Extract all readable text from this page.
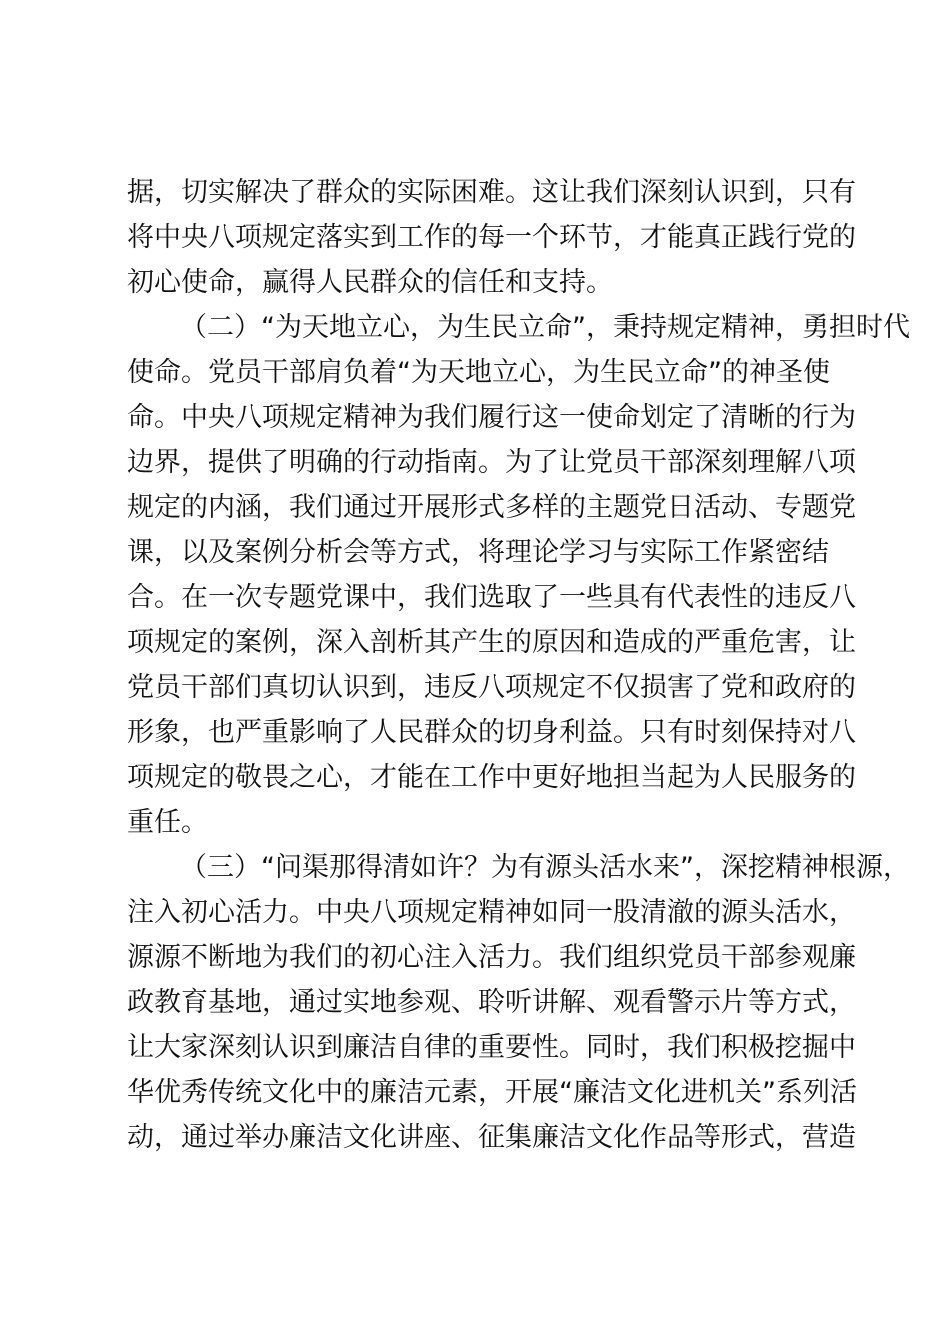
据，切实解决了群众的实际困难。这让我们深刻认识到，只有
将中央八项规定落实到工作的每一个环节，才能真正践行党的
初心使命，赢得人民群众的信任和支持。
（二）“为天地立心，为生民立命”，秉持规定精神，勇担时代
使命。党员干部肩负着“为天地立心，为生民立命”的神圣使
命。中央八项规定精神为我们履行这一使命划定了清晰的行为
边界，提供了明确的行动指南。为了让党员干部深刻理解八项
规定的内涵，我们通过开展形式多样的主题党日活动、专题党
课，以及案例分析会等方式，将理论学习与实际工作紧密结
合。在一次专题党课中，我们选取了一些具有代表性的违反八
项规定的案例，深入剖析其产生的原因和造成的严重危害，让
党员干部们真切认识到，违反八项规定不仅损害了党和政府的
形象，也严重影响了人民群众的切身利益。只有时刻保持对八
项规定的敬畏之心，才能在工作中更好地担当起为人民服务的
重任。
（三）“问渠那得清如许？为有源头活水来”，深挖精神根源，
注入初心活力。中央八项规定精神如同一股清澈的源头活水，
源源不断地为我们的初心注入活力。我们组织党员干部参观廉
政教育基地，通过实地参观、聆听讲解、观看警示片等方式，
让大家深刻认识到廉洁自律的重要性。同时，我们积极挖掘中
华优秀传统文化中的廉洁元素，开展“廉洁文化进机关”系列活
动，通过举办廉洁文化讲座、征集廉洁文化作品等形式，营造
